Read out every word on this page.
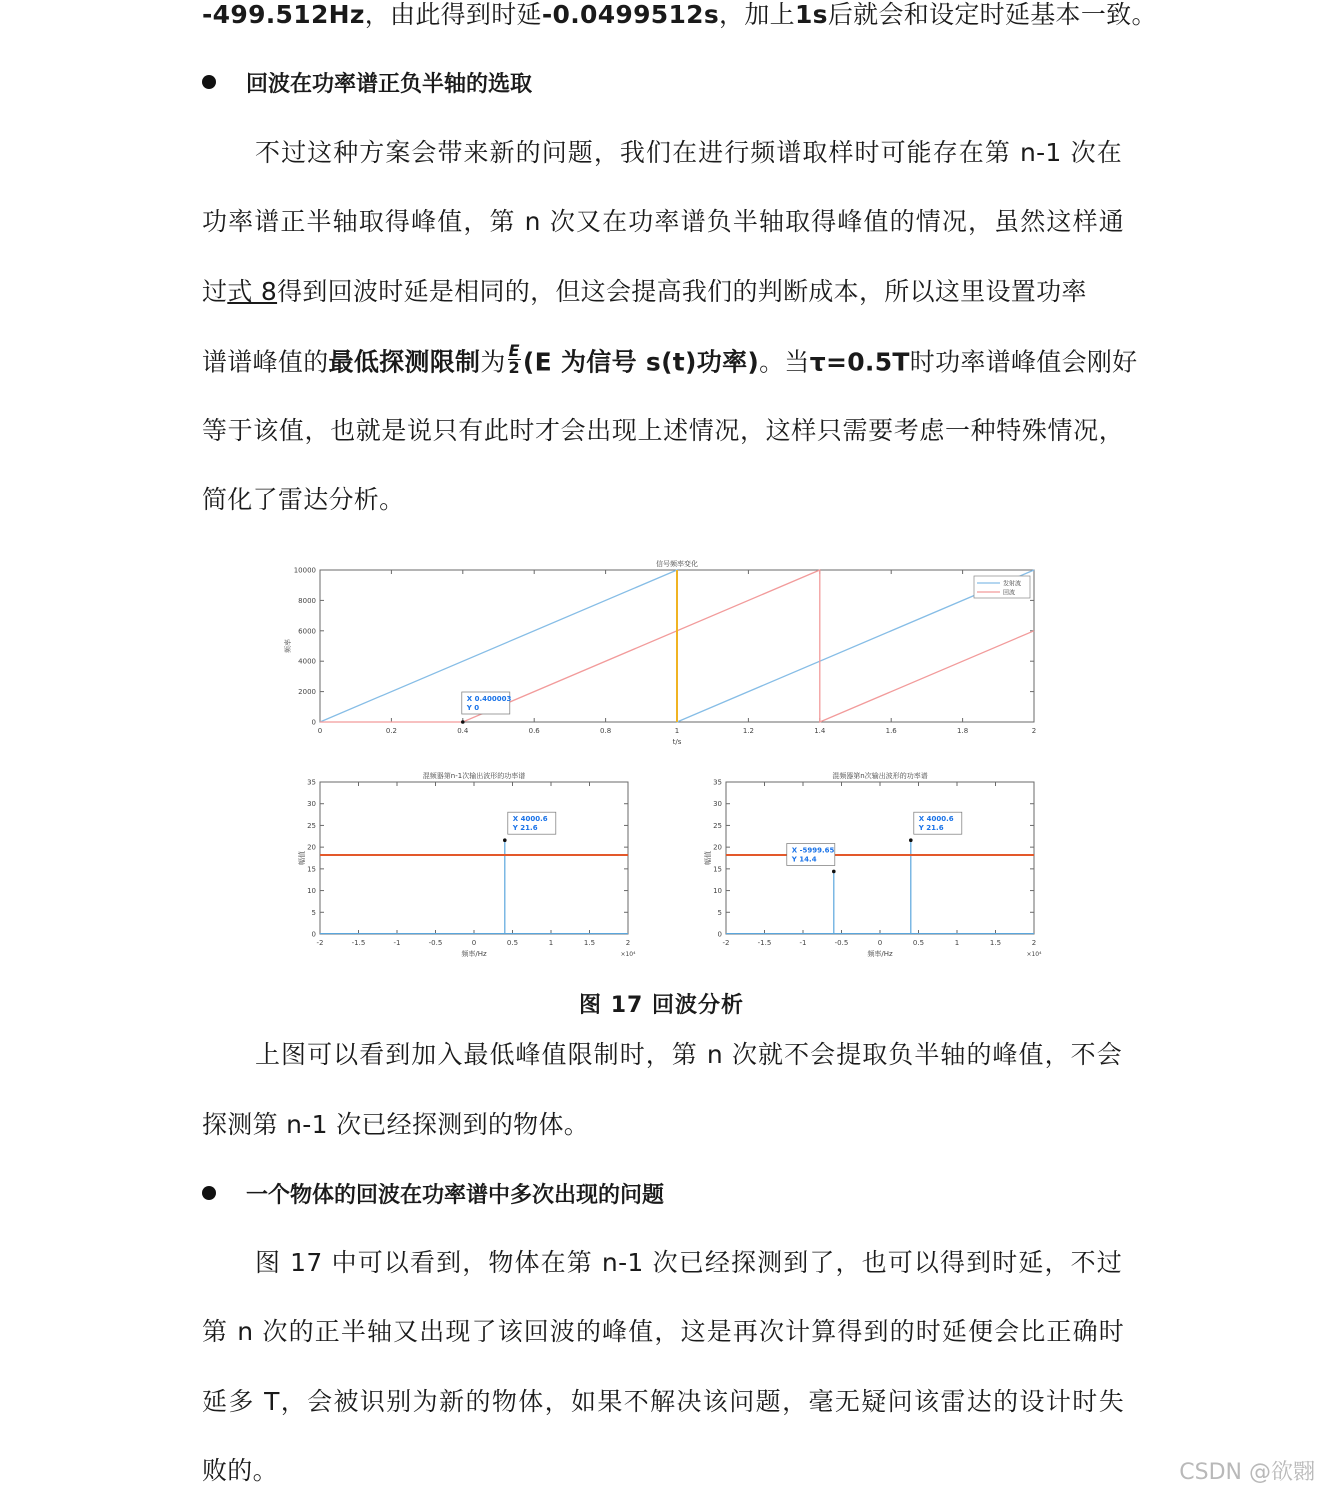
-499.512Hz，由此得到时延-0.0499512s，加上1s后就会和设定时延基本一致。
回波在功率谱正负半轴的选取
不过这种方案会带来新的问题，我们在进行频谱取样时可能存在第 n-1 次在
功率谱正半轴取得峰值，第 n 次又在功率谱负半轴取得峰值的情况，虽然这样通
过式 8得到回波时延是相同的，但这会提高我们的判断成本，所以这里设置功率
谱谱峰值的最低探测限制为 $\frac{E}{2} (E$ 为信号 s(t)功率)。当τ=0.5T时功率谱峰值会刚好
等于该值，也就是说只有此时才会出现上述情况，这样只需要考虑一种特殊情况，
简化了雷达分析。
0	0.2	0.4	0.6	0.8	1	1.2	1.4	1.6	1.8	2
0
2000
4000
6000
8000
10000
信号频率变化
t/s
频率
发射波
回波
X 0.400003
Y 0
-2	-1.5	-1	-0.5	0	0.5	1	1.5	2
0
5
10
15
20
25
30
35
混频器第n-1次输出波形的功率谱
频率/Hz
幅值
×10⁴
X 4000.6
Y 21.6
-2	-1.5	-1	-0.5	0	0.5	1	1.5	2
0
5
10
15
20
25
30
35
混频器第n次输出波形的功率谱
频率/Hz
幅值
×10⁴
X -5999.65
Y 14.4
X 4000.6
Y 21.6
图 17 回波分析
上图可以看到加入最低峰值限制时，第 n 次就不会提取负半轴的峰值，不会
探测第 n-1 次已经探测到的物体。
一个物体的回波在功率谱中多次出现的问题
图 17 中可以看到，物体在第 n-1 次已经探测到了，也可以得到时延，不过
第 n 次的正半轴又出现了该回波的峰值，这是再次计算得到的时延便会比正确时
延多 T，会被识别为新的物体，如果不解决该问题，毫无疑问该雷达的设计时失
败的。	CSDN @欲翾
